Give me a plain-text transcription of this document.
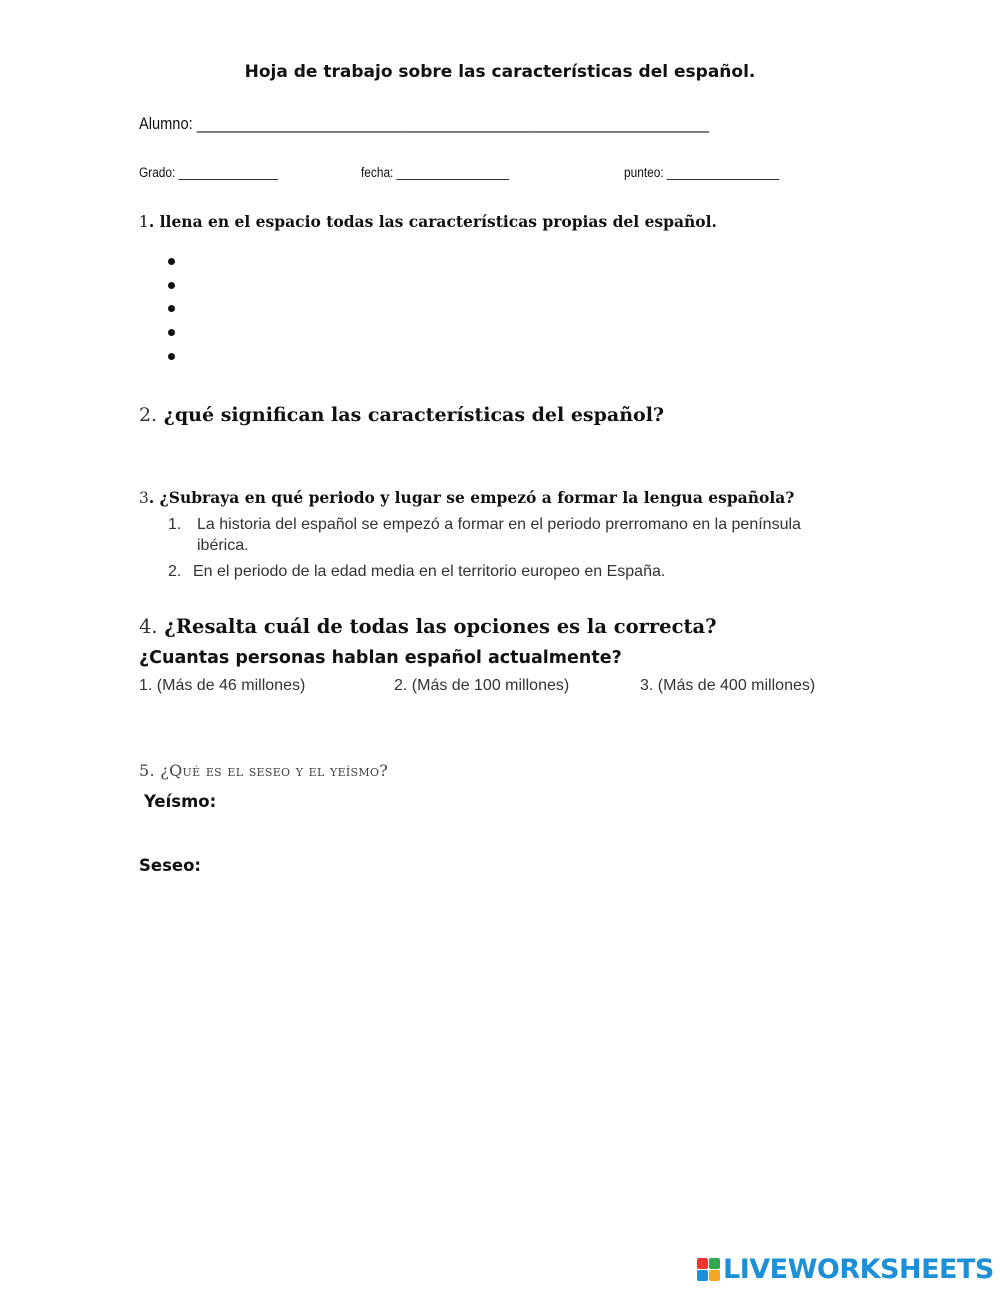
Hoja de trabajo sobre las características del español.
Alumno: _______________________________________________________________
Grado: _______________	fecha: _________________	punteo: _________________
1. llena en el espacio todas las características propias del español.
2. ¿qué significan las características del español?
3. ¿Subraya en qué periodo y lugar se empezó a formar la lengua española?
1. La historia del español se empezó a formar en el periodo prerromano en la península
ibérica.
2. En el periodo de la edad media en el territorio europeo en España.
4. ¿Resalta cuál de todas las opciones es la correcta?
¿Cuantas personas hablan español actualmente?
1. (Más de 46 millones)	2. (Más de 100 millones)	3. (Más de 400 millones)
5. ¿Qué es el seseo y el yeísmo?
Yeísmo:
Seseo:
LIVEWORKSHEETS
